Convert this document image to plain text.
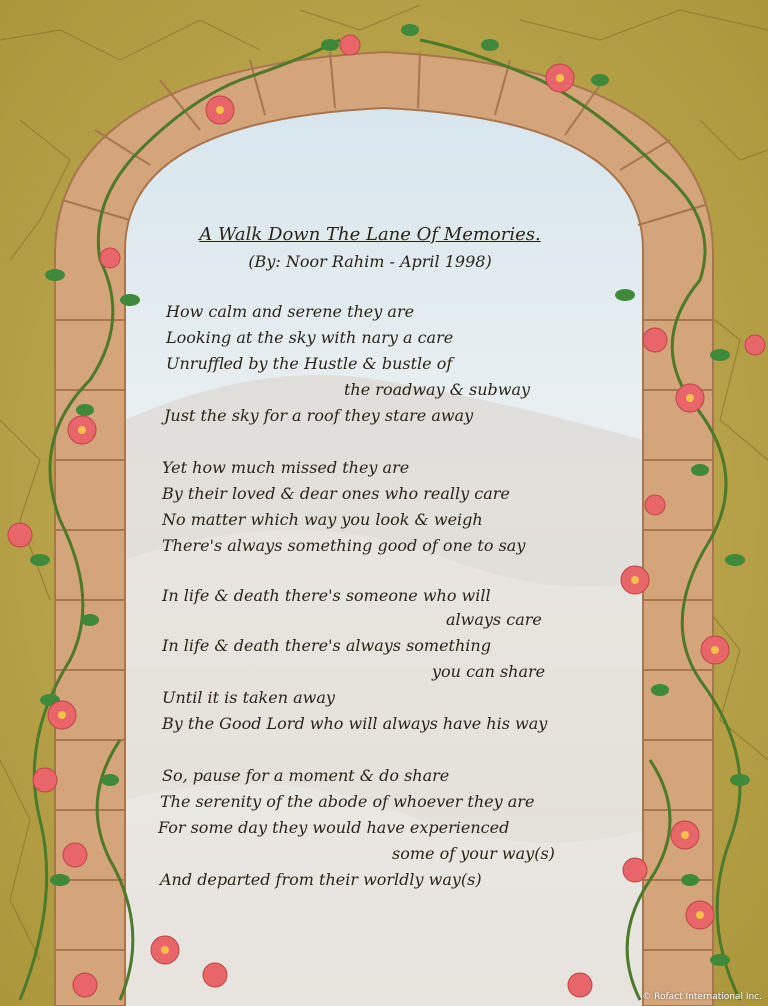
A Walk Down The Lane Of Memories.
(By: Noor Rahim - April 1998)
How calm and serene they are
Looking at the sky with nary a care
Unruffled by the Hustle & bustle of
the roadway & subway
Just the sky for a roof they stare away
Yet how much missed they are
By their loved & dear ones who really care
No matter which way you look & weigh
There's always something good of one to say
In life & death there's someone who will
always care
In life & death there's always something
you can share
Until it is taken away
By the Good Lord who will always have his way
So, pause for a moment & do share
The serenity of the abode of whoever they are
For some day they would have experienced
some of your way(s)
And departed from their worldly way(s)
© Rofact International Inc.
